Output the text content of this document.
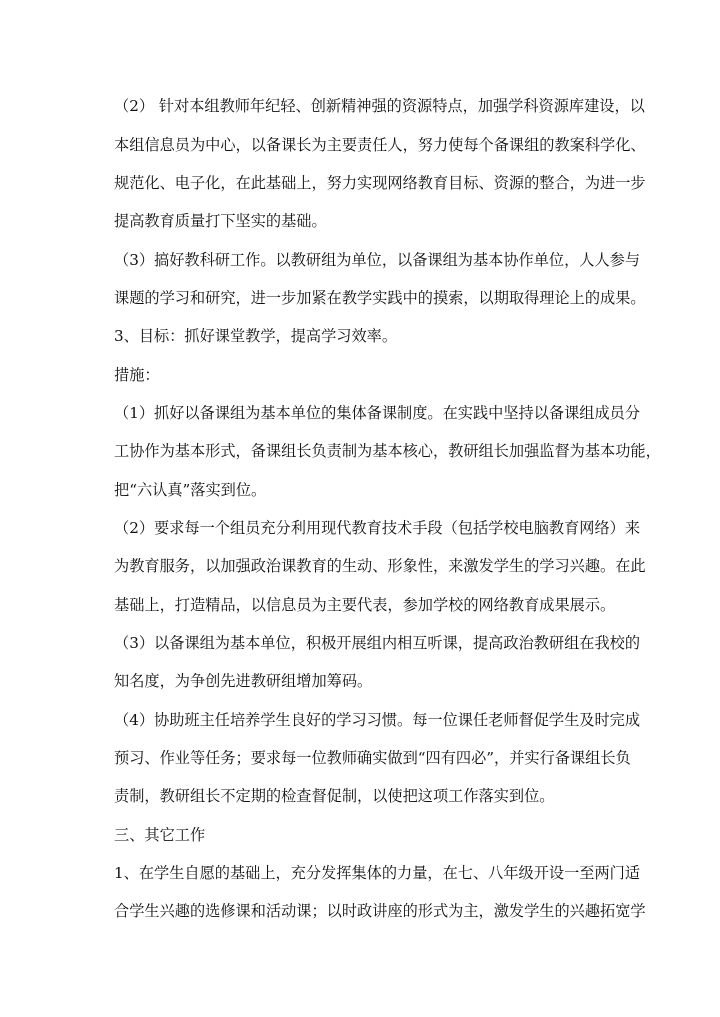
（2） 针对本组教师年纪轻、创新精神强的资源特点，加强学科资源库建设，以
本组信息员为中心，以备课长为主要责任人，努力使每个备课组的教案科学化、
规范化、电子化，在此基础上，努力实现网络教育目标、资源的整合，为进一步
提高教育质量打下坚实的基础。
（3）搞好教科研工作。以教研组为单位，以备课组为基本协作单位，人人参与
课题的学习和研究，进一步加紧在教学实践中的摸索，以期取得理论上的成果。
3、目标：抓好课堂教学，提高学习效率。
措施：
（1）抓好以备课组为基本单位的集体备课制度。在实践中坚持以备课组成员分
工协作为基本形式，备课组长负责制为基本核心，教研组长加强监督为基本功能，
把“六认真”落实到位。
（2）要求每一个组员充分利用现代教育技术手段（包括学校电脑教育网络）来
为教育服务，以加强政治课教育的生动、形象性，来激发学生的学习兴趣。在此
基础上，打造精品，以信息员为主要代表，参加学校的网络教育成果展示。
（3）以备课组为基本单位，积极开展组内相互听课，提高政治教研组在我校的
知名度，为争创先进教研组增加筹码。
（4）协助班主任培养学生良好的学习习惯。每一位课任老师督促学生及时完成
预习、作业等任务；要求每一位教师确实做到“四有四必”，并实行备课组长负
责制，教研组长不定期的检查督促制，以使把这项工作落实到位。
三、其它工作
1、在学生自愿的基础上，充分发挥集体的力量，在七、八年级开设一至两门适
合学生兴趣的选修课和活动课；以时政讲座的形式为主，激发学生的兴趣拓宽学
